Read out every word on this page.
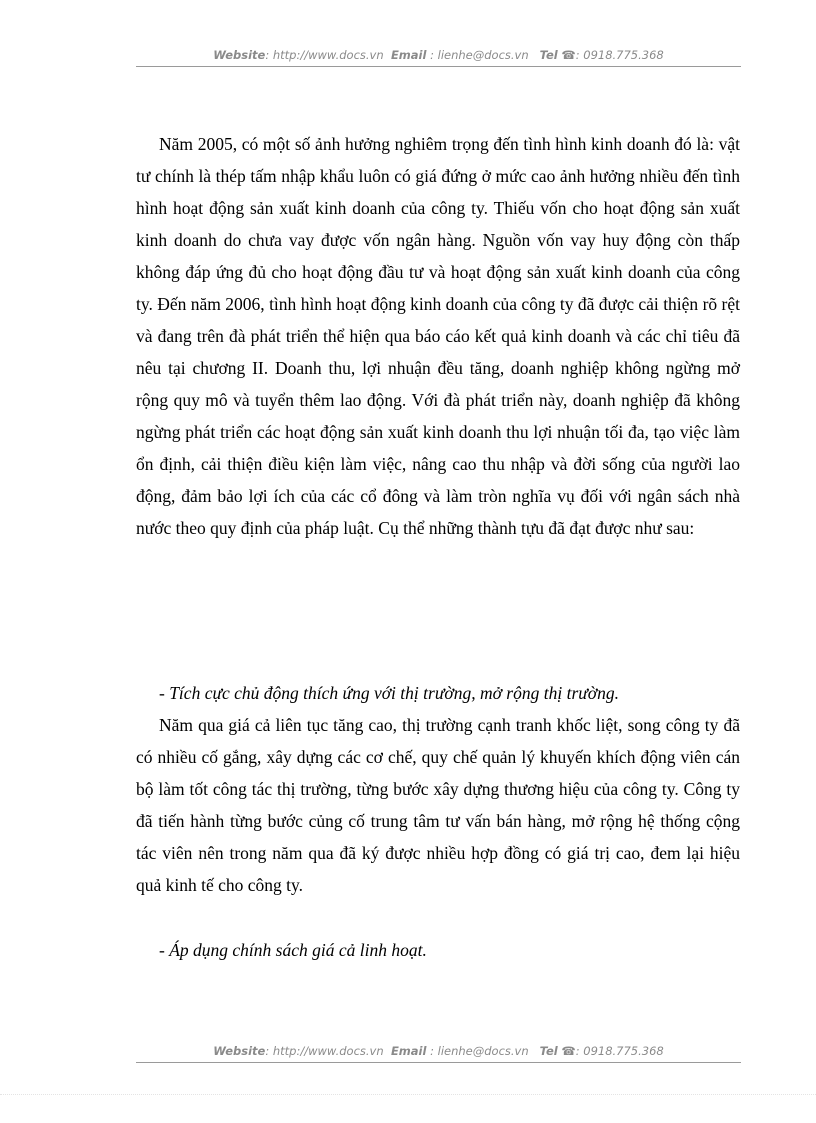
Website: http://www.docs.vn Email : lienhe@docs.vn Tel ☎: 0918.775.368

Năm 2005, có một số ảnh hưởng nghiêm trọng đến tình hình kinh doanh đó là: vật tư chính là thép tấm nhập khẩu luôn có giá đứng ở mức cao ảnh hưởng nhiều đến tình hình hoạt động sản xuất kinh doanh của công ty. Thiếu vốn cho hoạt động sản xuất kinh doanh do chưa vay được vốn ngân hàng. Nguồn vốn vay huy động còn thấp không đáp ứng đủ cho hoạt động đầu tư và hoạt động sản xuất kinh doanh của công ty. Đến năm 2006, tình hình hoạt động kinh doanh của công ty đã được cải thiện rõ rệt và đang trên đà phát triển thể hiện qua báo cáo kết quả kinh doanh và các chỉ tiêu đã nêu tại chương II. Doanh thu, lợi nhuận đều tăng, doanh nghiệp không ngừng mở rộng quy mô và tuyển thêm lao động. Với đà phát triển này, doanh nghiệp đã không ngừng phát triển các hoạt động sản xuất kinh doanh thu lợi nhuận tối đa, tạo việc làm ổn định, cải thiện điều kiện làm việc, nâng cao thu nhập và đời sống của người lao động, đảm bảo lợi ích của các cổ đông và làm tròn nghĩa vụ đối với ngân sách nhà nước theo quy định của pháp luật. Cụ thể những thành tựu đã đạt được như sau:

- Tích cực chủ động thích ứng với thị trường, mở rộng thị trường.

Năm qua giá cả liên tục tăng cao, thị trường cạnh tranh khốc liệt, song công ty đã có nhiều cố gắng, xây dựng các cơ chế, quy chế quản lý khuyến khích động viên cán bộ làm tốt công tác thị trường, từng bước xây dựng thương hiệu của công ty. Công ty đã tiến hành từng bước củng cố trung tâm tư vấn bán hàng, mở rộng hệ thống cộng tác viên nên trong năm qua đã ký được nhiều hợp đồng có giá trị cao, đem lại hiệu quả kinh tế cho công ty.

- Áp dụng chính sách giá cả linh hoạt.

Website: http://www.docs.vn Email : lienhe@docs.vn Tel ☎: 0918.775.368
